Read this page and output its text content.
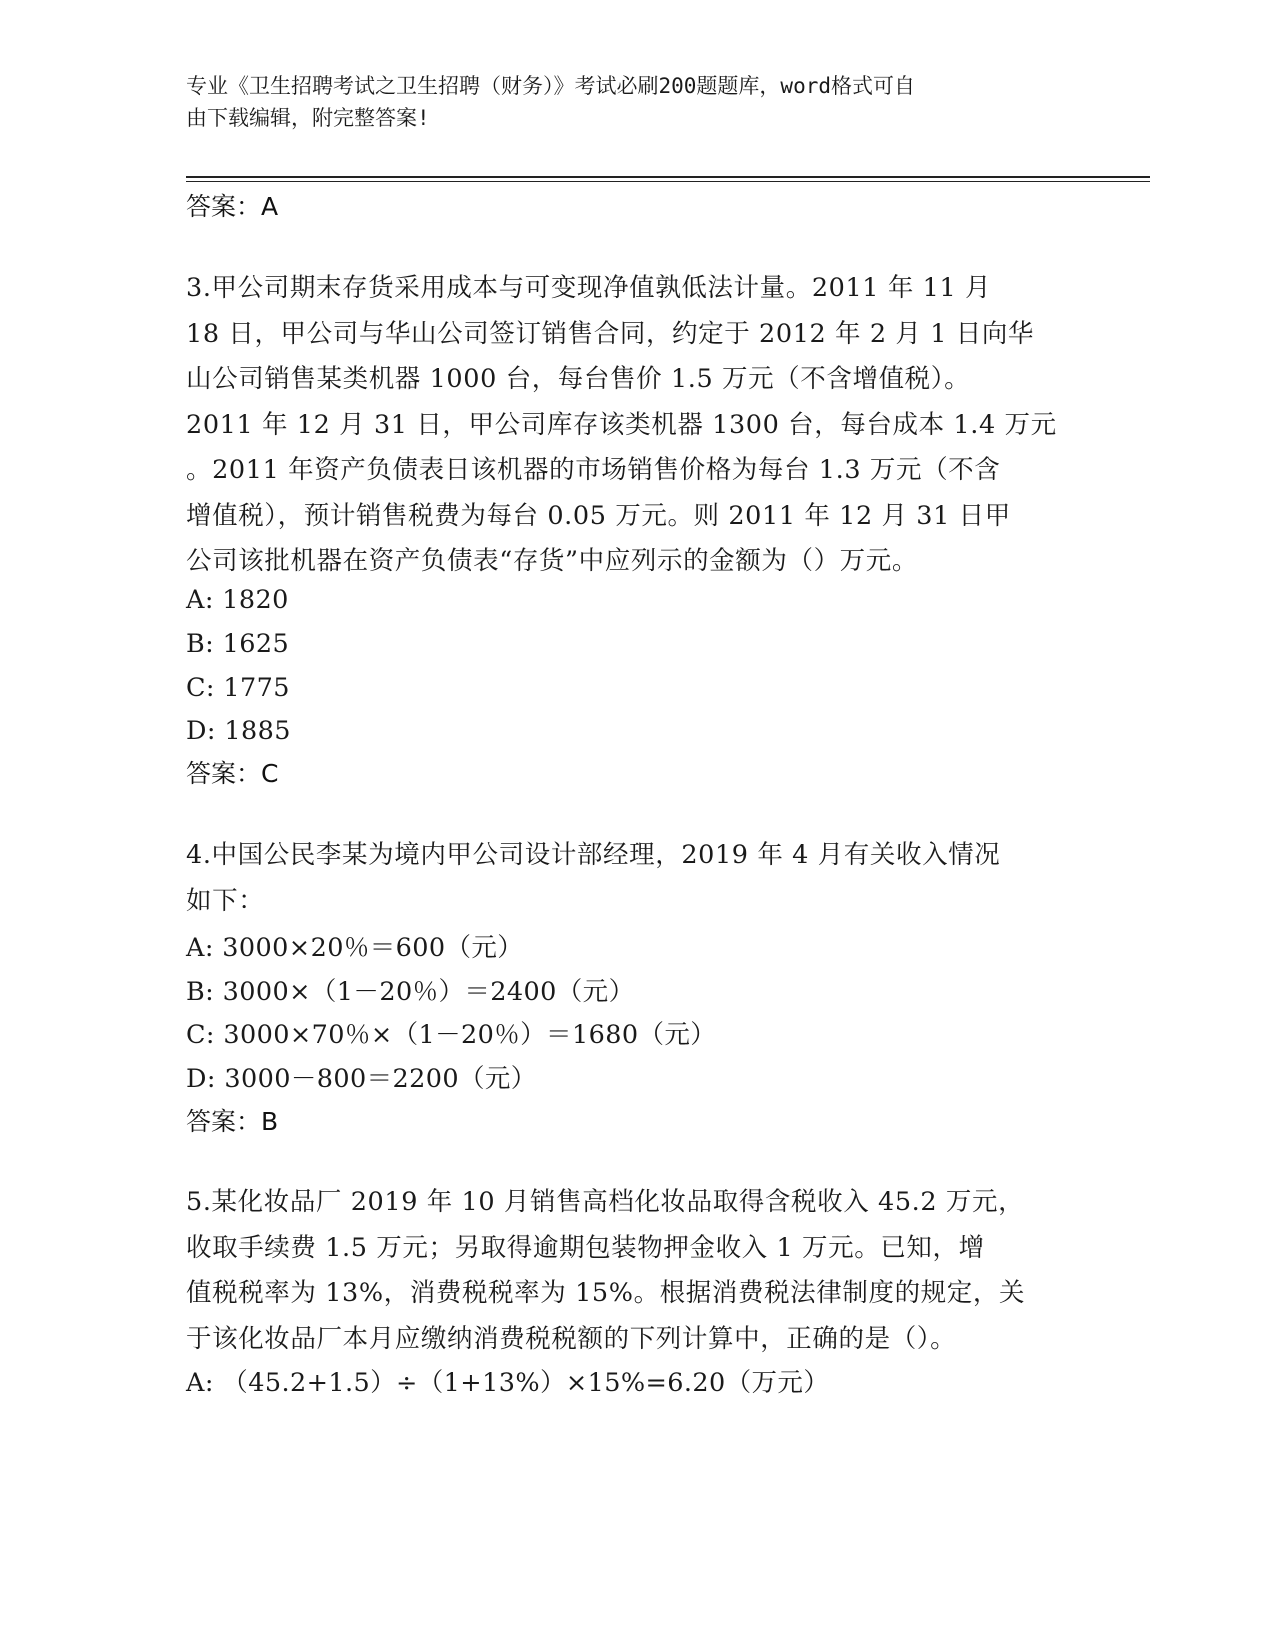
专业《卫生招聘考试之卫生招聘（财务）》考试必刷200题题库，word格式可自
由下载编辑，附完整答案!
答案：A
3.甲公司期末存货采用成本与可变现净值孰低法计量。2011 年 11 月
18 日，甲公司与华山公司签订销售合同，约定于 2012 年 2 月 1 日向华
山公司销售某类机器 1000 台，每台售价 1.5 万元（不含增值税）。
2011 年 12 月 31 日，甲公司库存该类机器 1300 台，每台成本 1.4 万元
。2011 年资产负债表日该机器的市场销售价格为每台 1.3 万元（不含
增值税），预计销售税费为每台 0.05 万元。则 2011 年 12 月 31 日甲
公司该批机器在资产负债表“存货”中应列示的金额为（）万元。
A: 1820
B: 1625
C: 1775
D: 1885
答案：C
4.中国公民李某为境内甲公司设计部经理，2019 年 4 月有关收入情况
如下：
A: 3000×20％＝600（元）
B: 3000×（1－20％）＝2400（元）
C: 3000×70％×（1－20％）＝1680（元）
D: 3000－800＝2200（元）
答案：B
5.某化妆品厂 2019 年 10 月销售高档化妆品取得含税收入 45.2 万元，
收取手续费 1.5 万元；另取得逾期包装物押金收入 1 万元。已知，增
值税税率为 13%，消费税税率为 15%。根据消费税法律制度的规定，关
于该化妆品厂本月应缴纳消费税税额的下列计算中，正确的是（）。
A: （45.2+1.5）÷（1+13%）×15%=6.20（万元）
